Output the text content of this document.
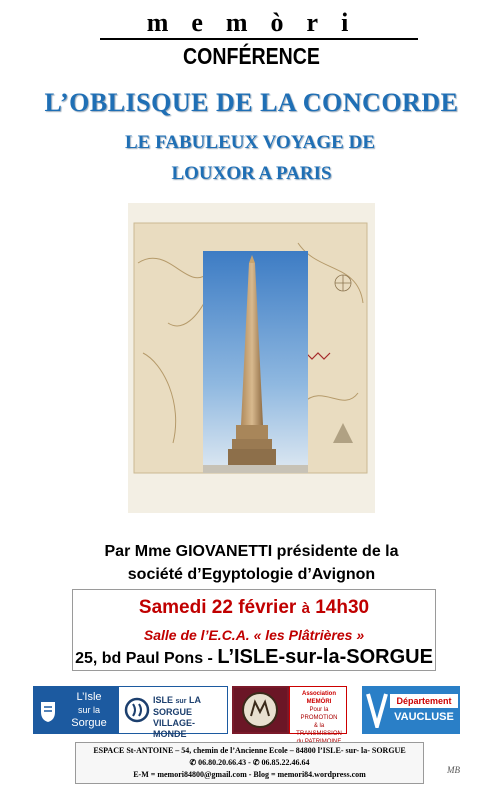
memòri
CONFÉRENCE
L’OBLISQUE DE LA CONCORDE
LE FABULEUX VOYAGE DE
LOUXOR A PARIS
Par Mme GIOVANETTI présidente de la
société d’Egyptologie d’Avignon
Samedi 22 février à 14h30
Salle de l’E.C.A. « les Plâtrières »
25, bd Paul Pons - L’ISLE-sur-la-SORGUE
L’Isle
sur la
Sorgue
ISLE sur LA SORGUE
VILLAGE-MONDE
Association MEMÒRI
Pour la PROMOTION
& la TRANSMISSION
Département
VAUCLUSE
ESPACE St-ANTOINE – 54, chemin de l’Ancienne Ecole – 84800 l’ISLE- sur- la- SORGUE
✆ 06.80.20.66.43 - ✆ 06.85.22.46.64
E-M = memori84800@gmail.com - Blog = memori84.wordpress.com	MB
